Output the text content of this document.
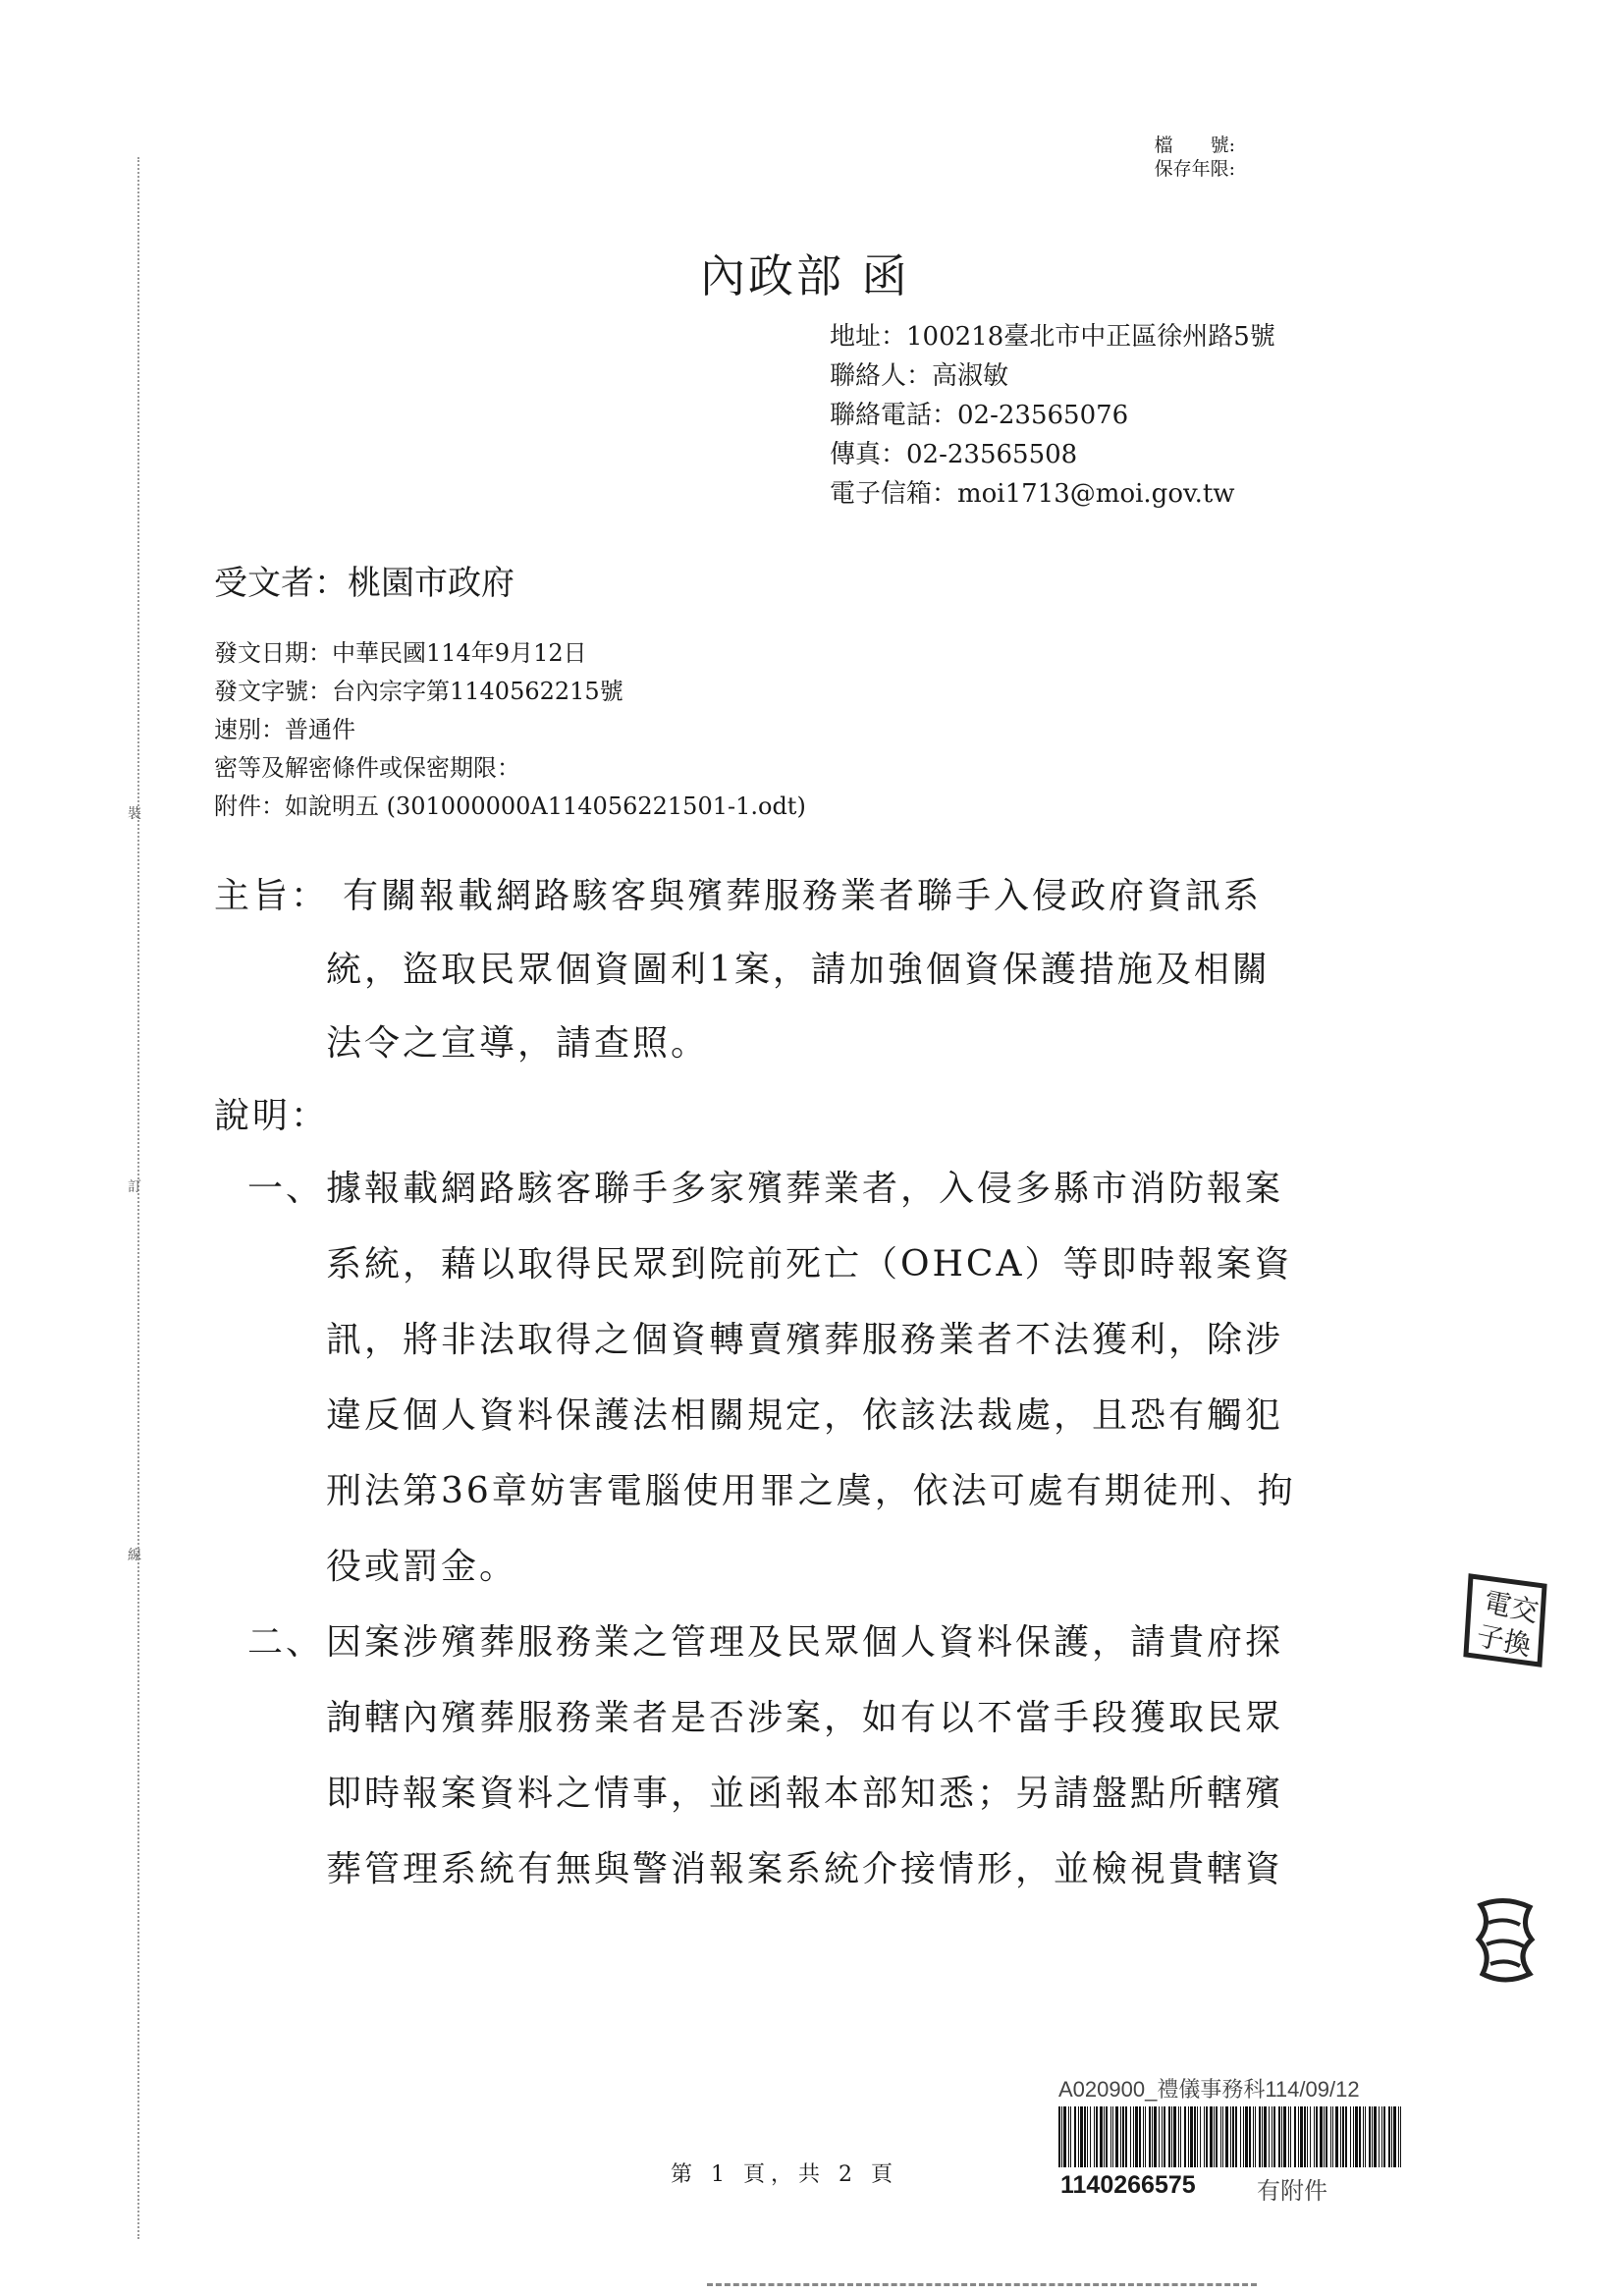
裝
訂
線
檔　　號:
保存年限:
內政部 函
地址：100218臺北市中正區徐州路5號
聯絡人：高淑敏
聯絡電話：02-23565076
傳真：02-23565508
電子信箱：moi1713@moi.gov.tw
受文者：桃園市政府
發文日期：中華民國114年9月12日
發文字號：台內宗字第1140562215號
速別：普通件
密等及解密條件或保密期限：
附件：如說明五 (301000000A114056221501-1.odt)
主旨： 有關報載網路駭客與殯葬服務業者聯手入侵政府資訊系
統，盜取民眾個資圖利1案，請加強個資保護措施及相關
法令之宣導，請查照。
說明：
一、 據報載網路駭客聯手多家殯葬業者，入侵多縣市消防報案
系統，藉以取得民眾到院前死亡（OHCA）等即時報案資
訊，將非法取得之個資轉賣殯葬服務業者不法獲利，除涉
違反個人資料保護法相關規定，依該法裁處，且恐有觸犯
刑法第36章妨害電腦使用罪之虞，依法可處有期徒刑、拘
役或罰金。
二、 因案涉殯葬服務業之管理及民眾個人資料保護，請貴府探
詢轄內殯葬服務業者是否涉案，如有以不當手段獲取民眾
即時報案資料之情事，並函報本部知悉；另請盤點所轄殯
葬管理系統有無與警消報案系統介接情形，並檢視貴轄資
電交
子換
第 1 頁，共 2 頁
A020900_禮儀事務科114/09/12
1140266575	有附件
